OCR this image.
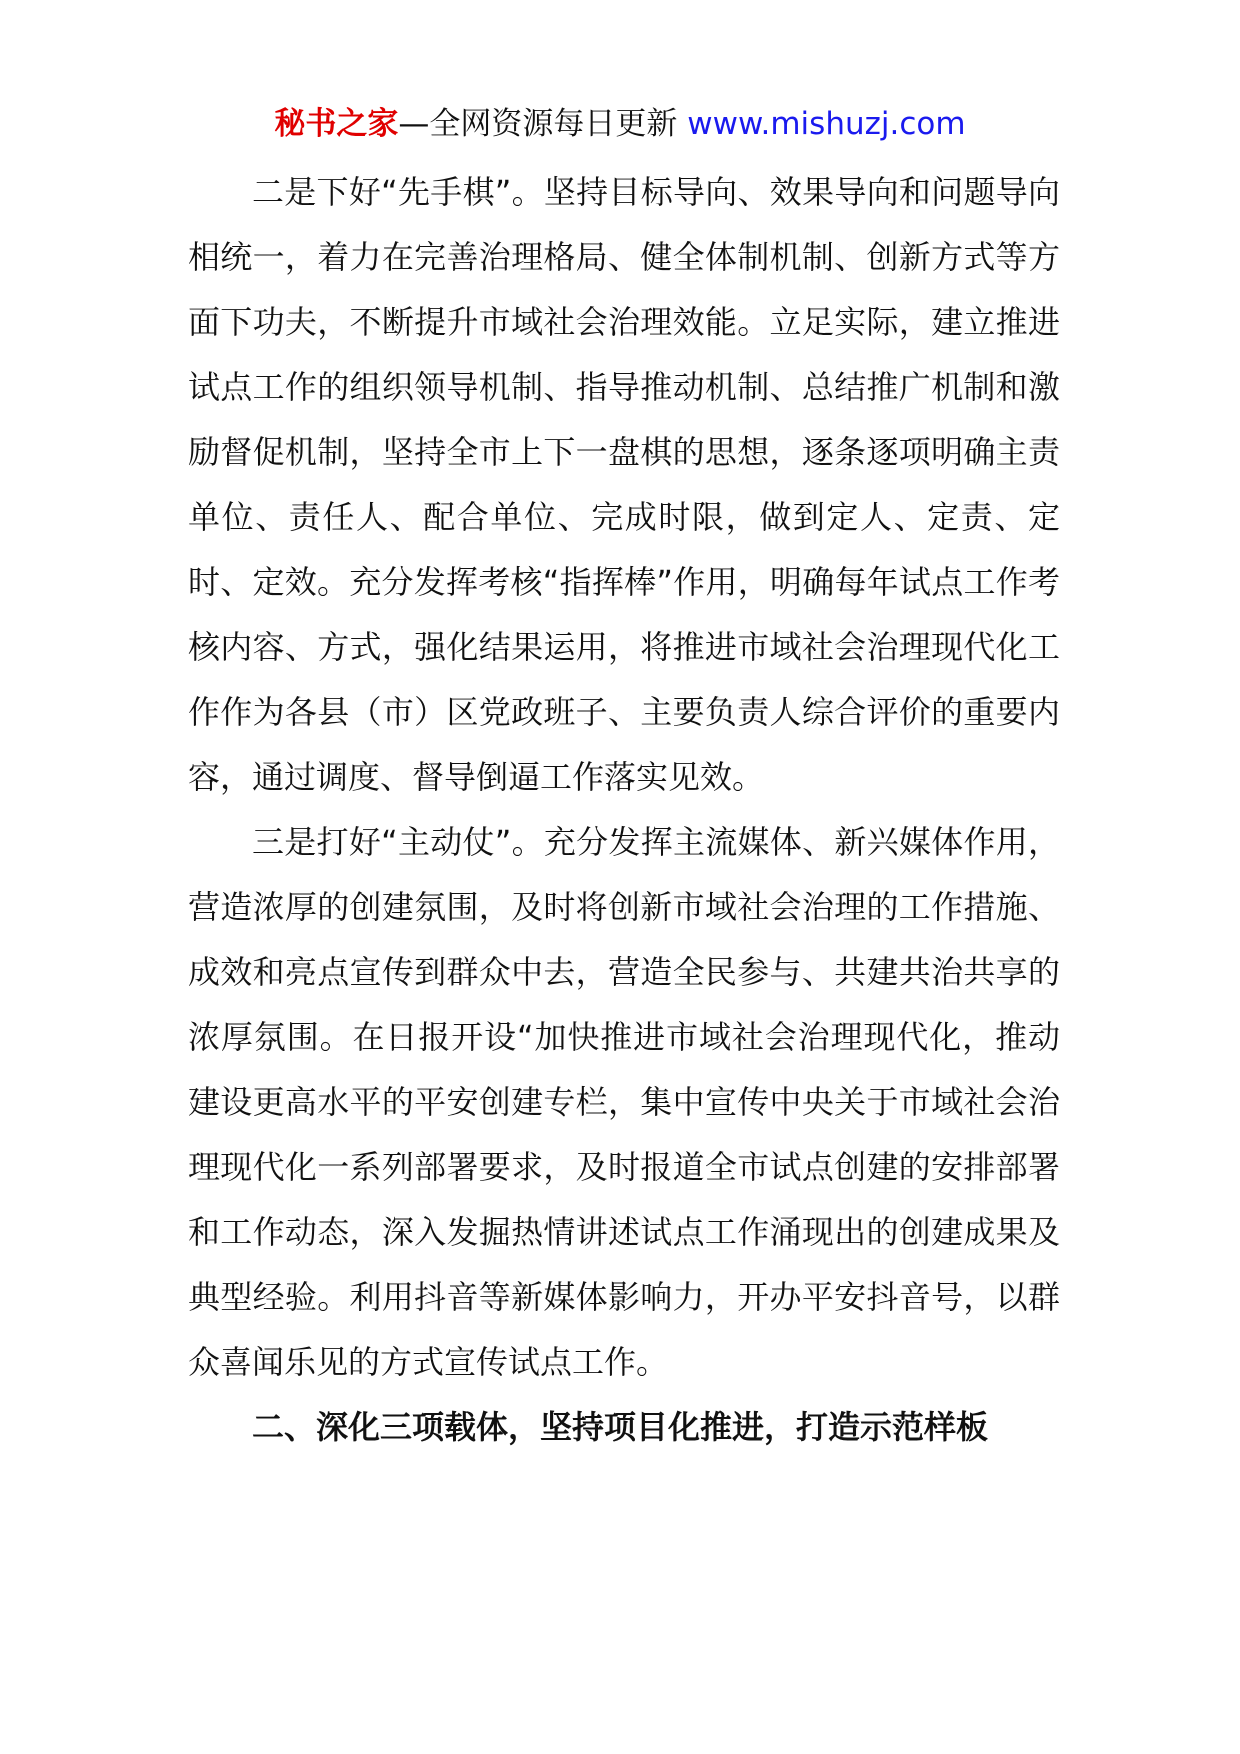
秘书之家—全网资源每日更新 www.mishuzj.com

二是下好“先手棋”。坚持目标导向、效果导向和问题导向相统一，着力在完善治理格局、健全体制机制、创新方式等方面下功夫，不断提升市域社会治理效能。立足实际，建立推进试点工作的组织领导机制、指导推动机制、总结推广机制和激励督促机制，坚持全市上下一盘棋的思想，逐条逐项明确主责单位、责任人、配合单位、完成时限，做到定人、定责、定时、定效。充分发挥考核“指挥棒”作用，明确每年试点工作考核内容、方式，强化结果运用，将推进市域社会治理现代化工作作为各县（市）区党政班子、主要负责人综合评价的重要内容，通过调度、督导倒逼工作落实见效。

三是打好“主动仗”。充分发挥主流媒体、新兴媒体作用，营造浓厚的创建氛围，及时将创新市域社会治理的工作措施、成效和亮点宣传到群众中去，营造全民参与、共建共治共享的浓厚氛围。在日报开设“加快推进市域社会治理现代化，推动建设更高水平的平安创建专栏，集中宣传中央关于市域社会治理现代化一系列部署要求，及时报道全市试点创建的安排部署和工作动态，深入发掘热情讲述试点工作涌现出的创建成果及典型经验。利用抖音等新媒体影响力，开办平安抖音号，以群众喜闻乐见的方式宣传试点工作。

二、深化三项载体，坚持项目化推进，打造示范样板
